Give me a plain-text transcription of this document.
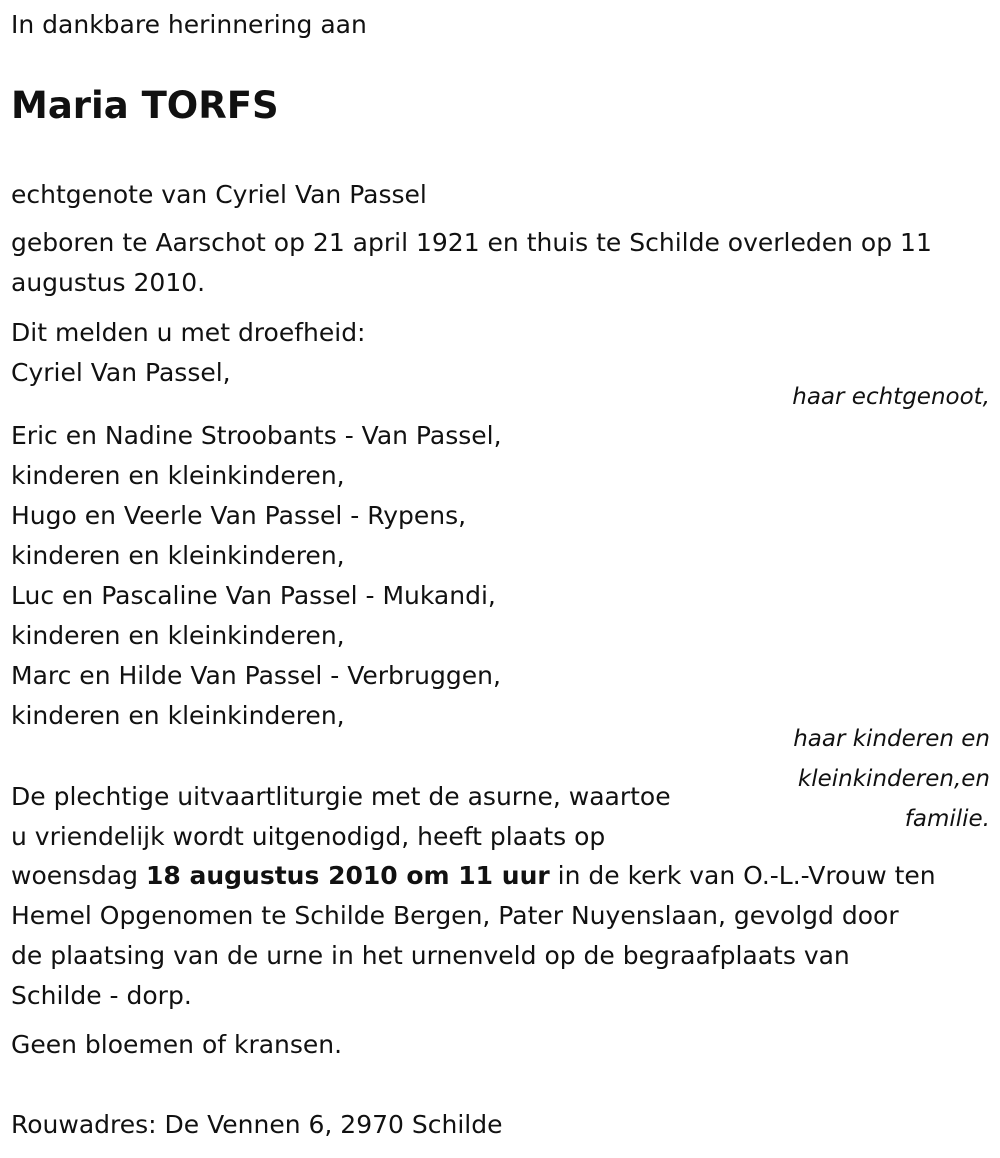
In dankbare herinnering aan
Maria TORFS
echtgenote van Cyriel Van Passel
geboren te Aarschot op 21 april 1921 en thuis te Schilde overleden op 11
augustus 2010.
Dit melden u met droefheid:
Cyriel Van Passel,
haar echtgenoot,
Eric en Nadine Stroobants - Van Passel,
kinderen en kleinkinderen,
Hugo en Veerle Van Passel - Rypens,
kinderen en kleinkinderen,
Luc en Pascaline Van Passel - Mukandi,
kinderen en kleinkinderen,
Marc en Hilde Van Passel - Verbruggen,
kinderen en kleinkinderen,
haar kinderen en
kleinkinderen,en
familie.
De plechtige uitvaartliturgie met de asurne, waartoe
u vriendelijk wordt uitgenodigd, heeft plaats op
woensdag 18 augustus 2010 om 11 uur in de kerk van O.-L.-Vrouw ten
Hemel Opgenomen te Schilde Bergen, Pater Nuyenslaan, gevolgd door
de plaatsing van de urne in het urnenveld op de begraafplaats van
Schilde - dorp.
Geen bloemen of kransen.
Rouwadres: De Vennen 6, 2970 Schilde
